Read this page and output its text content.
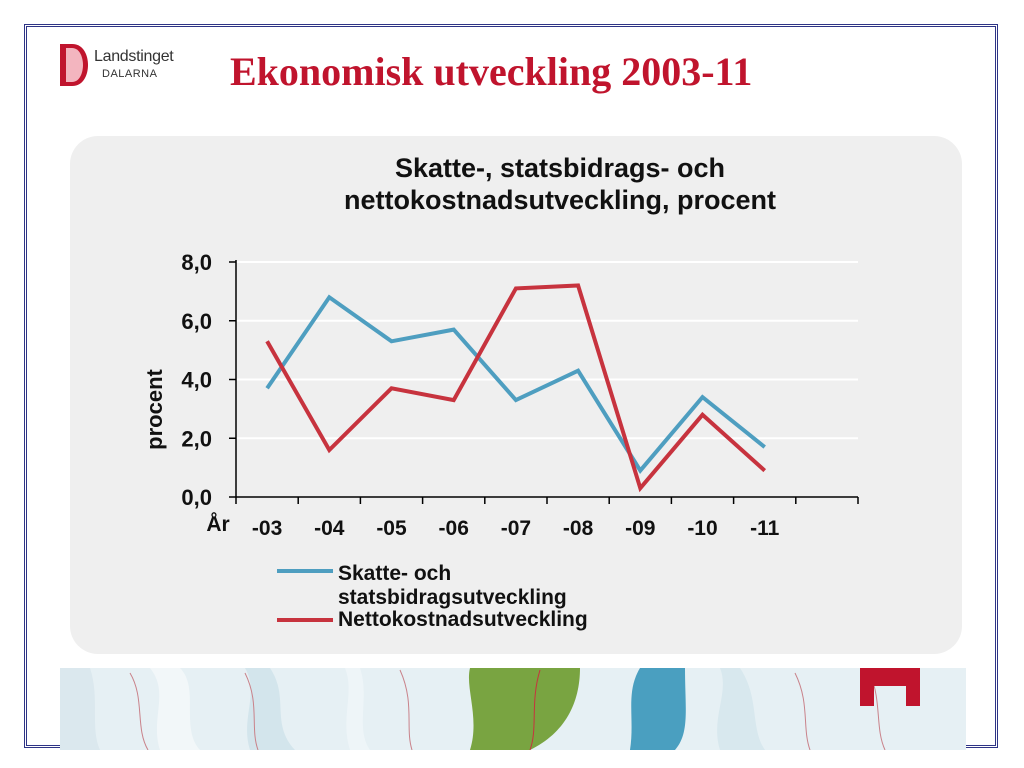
Landstinget
DALARNA Ekonomisk utveckling 2003-11
Skatte-, statsbidrags- och
nettokostnadsutveckling, procent
0,0
2,0
4,0
6,0
8,0
-03 -04 -05 -06 -07 -08 -09 -10 -11
År
procent
Skatte- och
statsbidragsutveckling
Nettokostnadsutveckling
